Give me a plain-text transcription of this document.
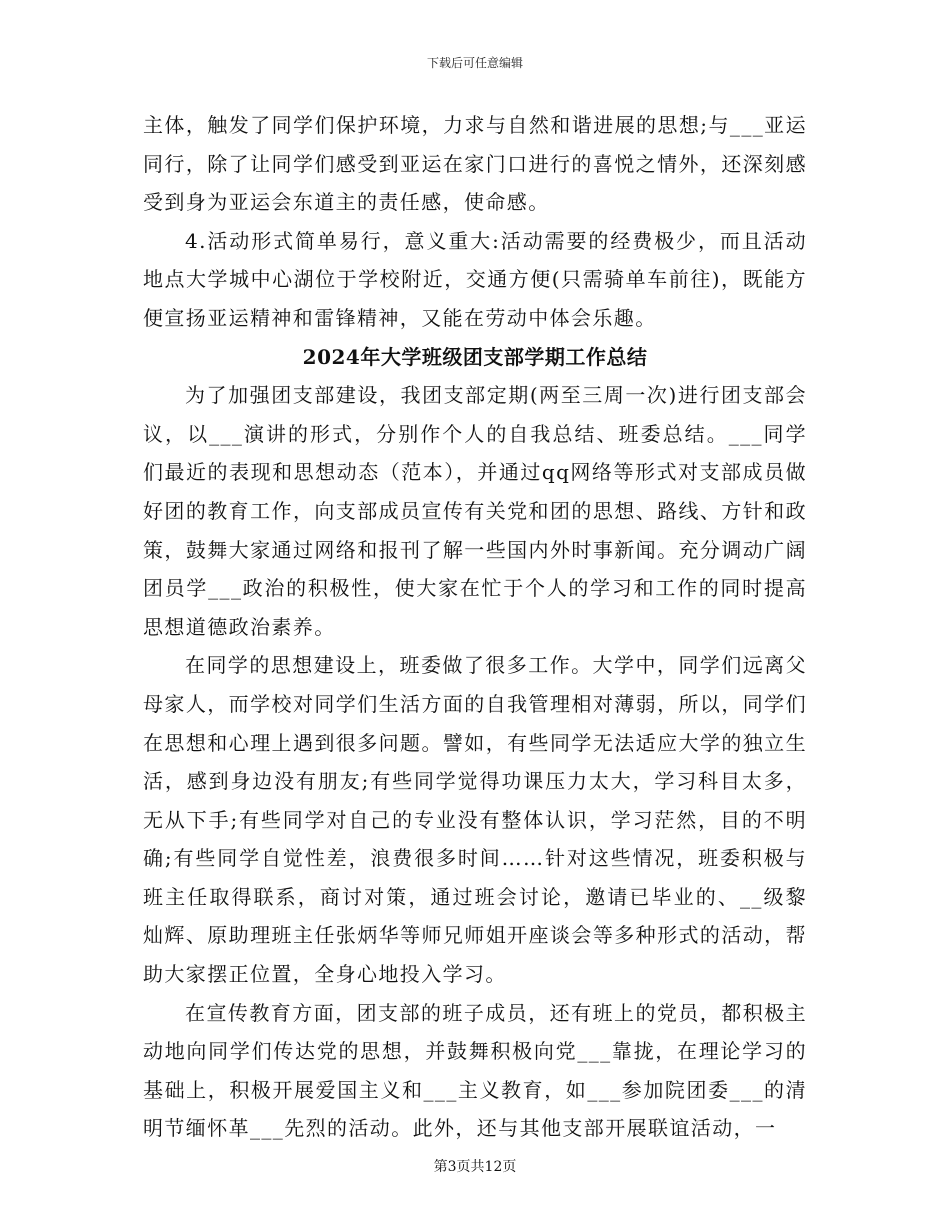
下载后可任意编辑

主体，触发了同学们保护环境，力求与自然和谐进展的思想;与___亚运同行，除了让同学们感受到亚运在家门口进行的喜悦之情外，还深刻感受到身为亚运会东道主的责任感，使命感。

4.活动形式简单易行，意义重大:活动需要的经费极少，而且活动地点大学城中心湖位于学校附近，交通方便(只需骑单车前往)，既能方便宣扬亚运精神和雷锋精神，又能在劳动中体会乐趣。

2024年大学班级团支部学期工作总结

为了加强团支部建设，我团支部定期(两至三周一次)进行团支部会议，以___演讲的形式，分别作个人的自我总结、班委总结。___同学们最近的表现和思想动态（范本），并通过qq网络等形式对支部成员做好团的教育工作，向支部成员宣传有关党和团的思想、路线、方针和政策，鼓舞大家通过网络和报刊了解一些国内外时事新闻。充分调动广阔团员学___政治的积极性，使大家在忙于个人的学习和工作的同时提高思想道德政治素养。

在同学的思想建设上，班委做了很多工作。大学中，同学们远离父母家人，而学校对同学们生活方面的自我管理相对薄弱，所以，同学们在思想和心理上遇到很多问题。譬如，有些同学无法适应大学的独立生活，感到身边没有朋友;有些同学觉得功课压力太大，学习科目太多，无从下手;有些同学对自己的专业没有整体认识，学习茫然，目的不明确;有些同学自觉性差，浪费很多时间……针对这些情况，班委积极与班主任取得联系，商讨对策，通过班会讨论，邀请已毕业的、__级黎灿辉、原助理班主任张炳华等师兄师姐开座谈会等多种形式的活动，帮助大家摆正位置，全身心地投入学习。

在宣传教育方面，团支部的班子成员，还有班上的党员，都积极主动地向同学们传达党的思想，并鼓舞积极向党___靠拢，在理论学习的基础上，积极开展爱国主义和___主义教育，如___参加院团委___的清明节缅怀革___先烈的活动。此外，还与其他支部开展联谊活动，一

第3页共12页
